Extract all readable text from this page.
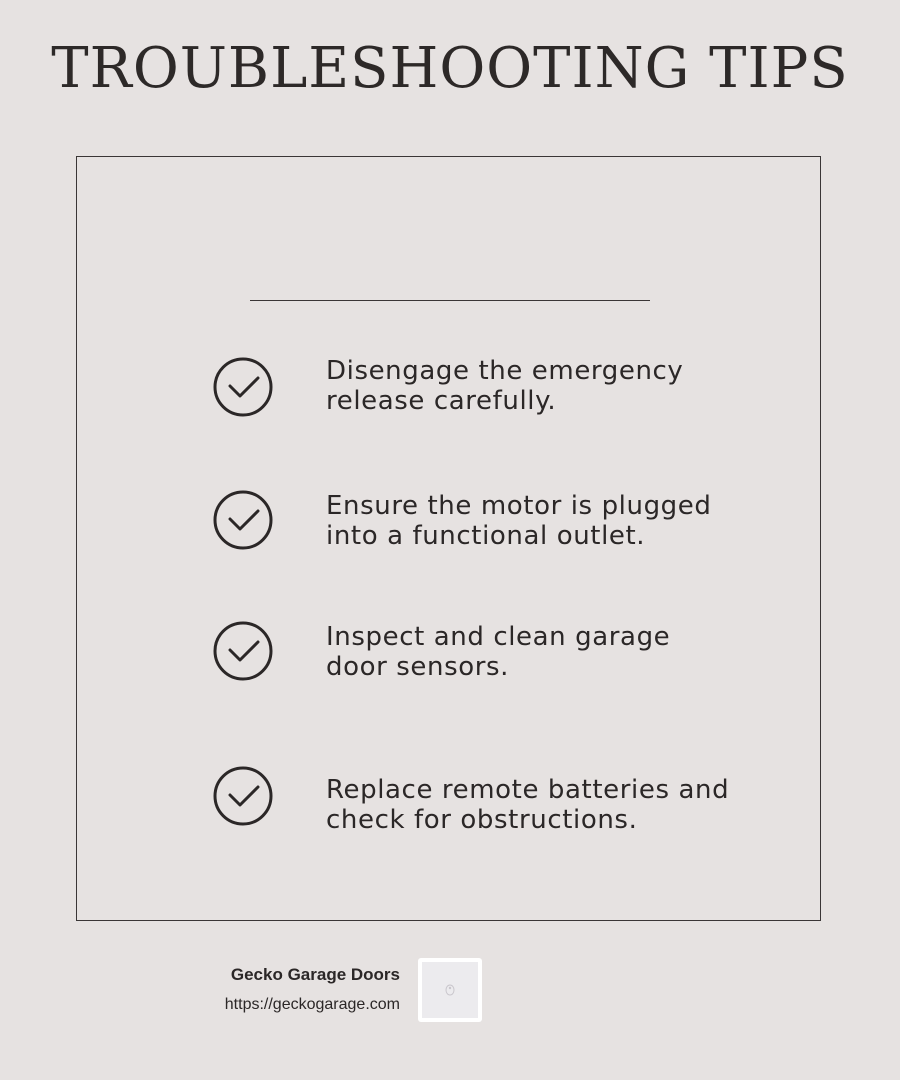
TROUBLESHOOTING TIPS
Disengage the emergency
release carefully.
Ensure the motor is plugged
into a functional outlet.
Inspect and clean garage
door sensors.
Replace remote batteries and
check for obstructions.
Gecko Garage Doors
https://geckogarage.com
